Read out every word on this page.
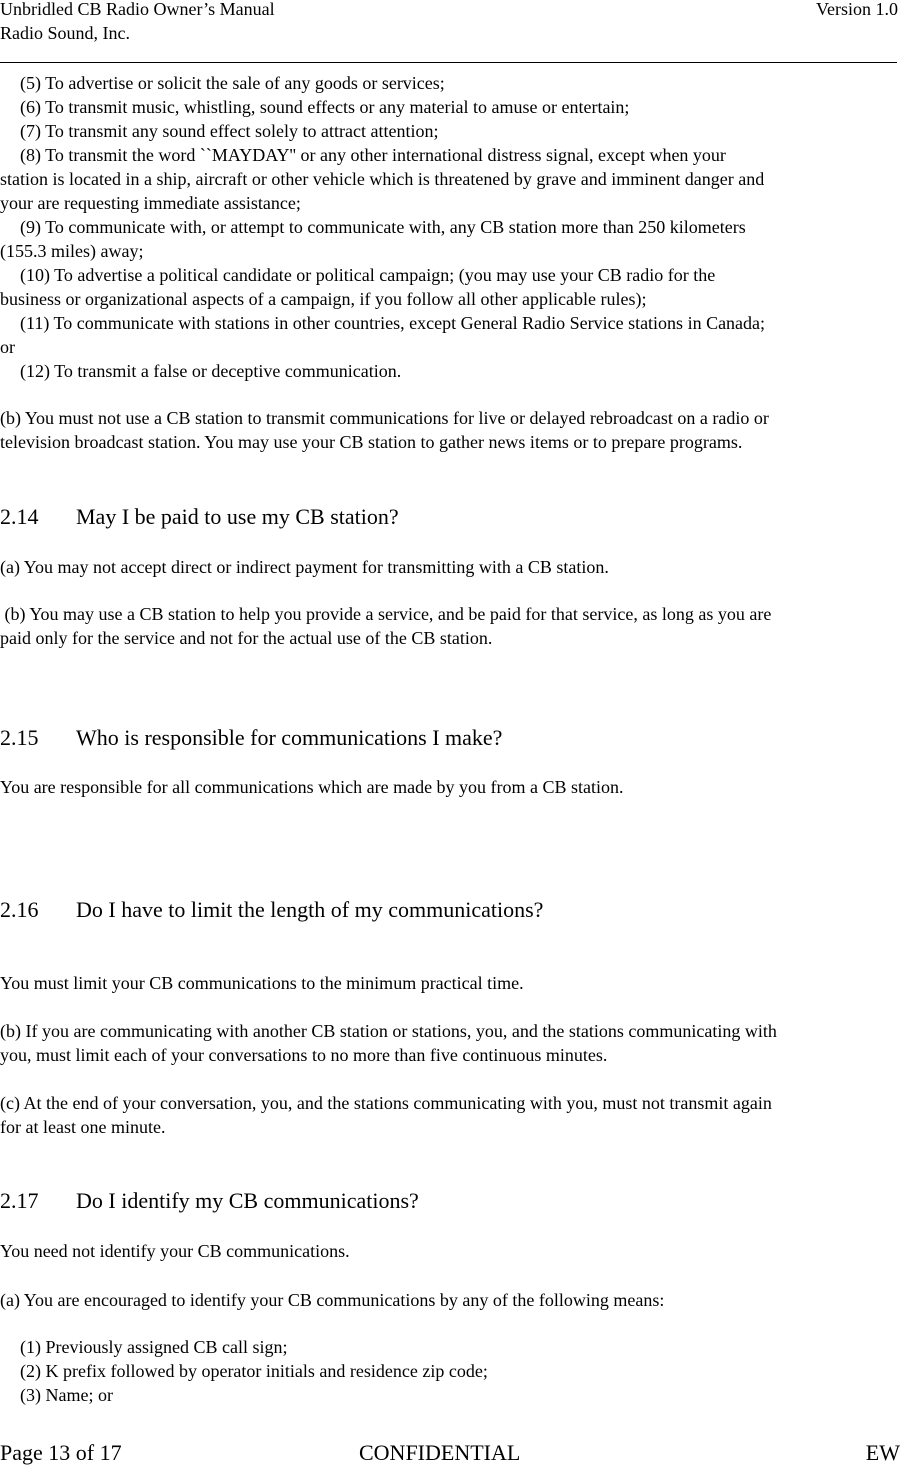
Unbridled CB Radio Owner’s Manual	Version 1.0
Radio Sound, Inc.
(5) To advertise or solicit the sale of any goods or services;
(6) To transmit music, whistling, sound effects or any material to amuse or entertain;
(7) To transmit any sound effect solely to attract attention;
(8) To transmit the word ``MAYDAY'' or any other international distress signal, except when your
station is located in a ship, aircraft or other vehicle which is threatened by grave and imminent danger and
your are requesting immediate assistance;
(9) To communicate with, or attempt to communicate with, any CB station more than 250 kilometers
(155.3 miles) away;
(10) To advertise a political candidate or political campaign; (you may use your CB radio for the
business or organizational aspects of a campaign, if you follow all other applicable rules);
(11) To communicate with stations in other countries, except General Radio Service stations in Canada;
or
(12) To transmit a false or deceptive communication.
(b) You must not use a CB station to transmit communications for live or delayed rebroadcast on a radio or
television broadcast station. You may use your CB station to gather news items or to prepare programs.
2.14 May I be paid to use my CB station?
(a) You may not accept direct or indirect payment for transmitting with a CB station.
(b) You may use a CB station to help you provide a service, and be paid for that service, as long as you are
paid only for the service and not for the actual use of the CB station.
2.15 Who is responsible for communications I make?
You are responsible for all communications which are made by you from a CB station.
2.16 Do I have to limit the length of my communications?
You must limit your CB communications to the minimum practical time.
(b) If you are communicating with another CB station or stations, you, and the stations communicating with
you, must limit each of your conversations to no more than five continuous minutes.
(c) At the end of your conversation, you, and the stations communicating with you, must not transmit again
for at least one minute.
2.17 Do I identify my CB communications?
You need not identify your CB communications.
(a) You are encouraged to identify your CB communications by any of the following means:
(1) Previously assigned CB call sign;
(2) K prefix followed by operator initials and residence zip code;
(3) Name; or
Page 13 of 17	CONFIDENTIAL	EW
